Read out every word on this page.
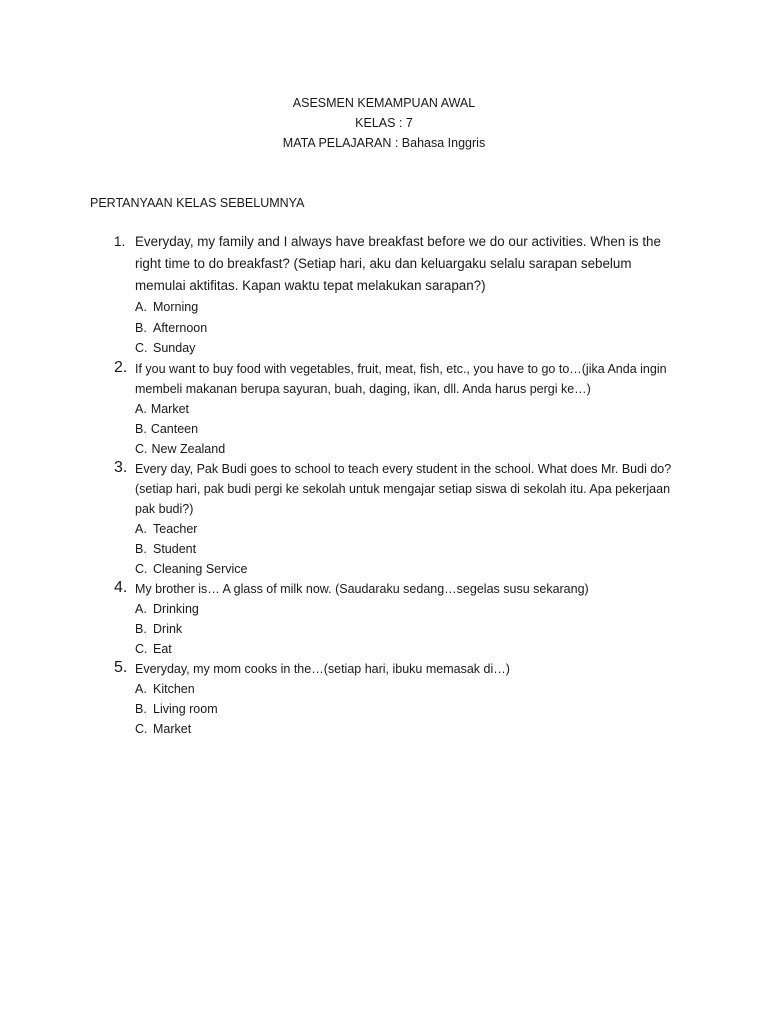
ASESMEN KEMAMPUAN AWAL
KELAS : 7
MATA PELAJARAN : Bahasa Inggris
PERTANYAAN KELAS SEBELUMNYA
1. Everyday, my family and I always have breakfast before we do our activities. When is the
right time to do breakfast? (Setiap hari, aku dan keluargaku selalu sarapan sebelum
memulai aktifitas. Kapan waktu tepat melakukan sarapan?)
A. Morning
B. Afternoon
C. Sunday
2. If you want to buy food with vegetables, fruit, meat, fish, etc., you have to go to…(jika Anda ingin
membeli makanan berupa sayuran, buah, daging, ikan, dll. Anda harus pergi ke…)
A. Market
B. Canteen
C. New Zealand
3. Every day, Pak Budi goes to school to teach every student in the school. What does Mr. Budi do?
(setiap hari, pak budi pergi ke sekolah untuk mengajar setiap siswa di sekolah itu. Apa pekerjaan
pak budi?)
A. Teacher
B. Student
C. Cleaning Service
4. My brother is… A glass of milk now. (Saudaraku sedang…segelas susu sekarang)
A. Drinking
B. Drink
C. Eat
5. Everyday, my mom cooks in the…(setiap hari, ibuku memasak di…)
A. Kitchen
B. Living room
C. Market
